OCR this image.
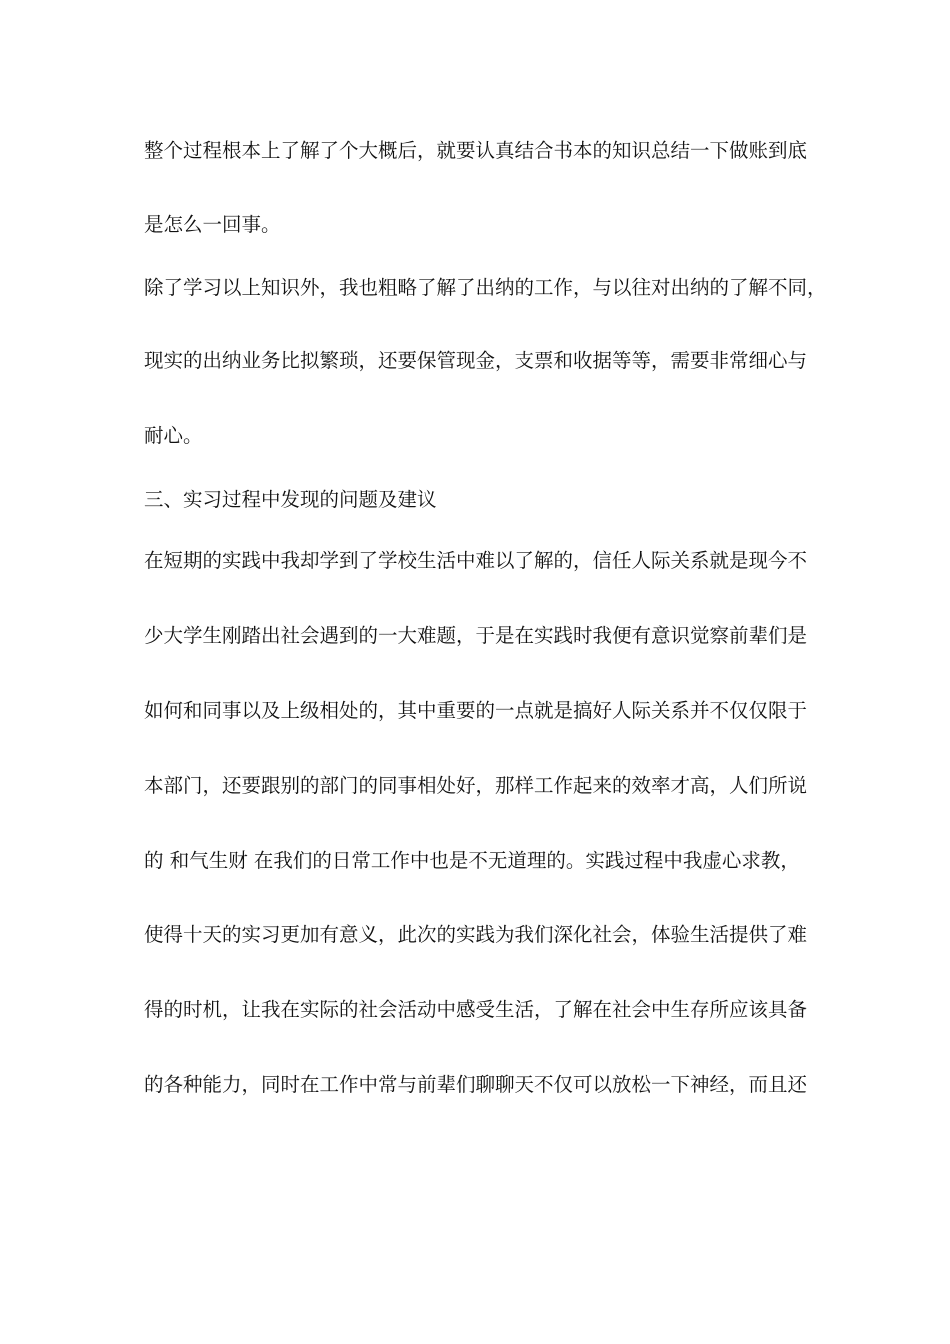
整个过程根本上了解了个大概后，就要认真结合书本的知识总结一下做账到底
是怎么一回事。
除了学习以上知识外，我也粗略了解了出纳的工作，与以往对出纳的了解不同，
现实的出纳业务比拟繁琐，还要保管现金，支票和收据等等，需要非常细心与
耐心。
三、实习过程中发现的问题及建议
在短期的实践中我却学到了学校生活中难以了解的，信任人际关系就是现今不
少大学生刚踏出社会遇到的一大难题，于是在实践时我便有意识觉察前辈们是
如何和同事以及上级相处的，其中重要的一点就是搞好人际关系并不仅仅限于
本部门，还要跟别的部门的同事相处好，那样工作起来的效率才高，人们所说
的 和气生财 在我们的日常工作中也是不无道理的。实践过程中我虚心求教，
使得十天的实习更加有意义，此次的实践为我们深化社会，体验生活提供了难
得的时机，让我在实际的社会活动中感受生活，了解在社会中生存所应该具备
的各种能力，同时在工作中常与前辈们聊聊天不仅可以放松一下神经，而且还
